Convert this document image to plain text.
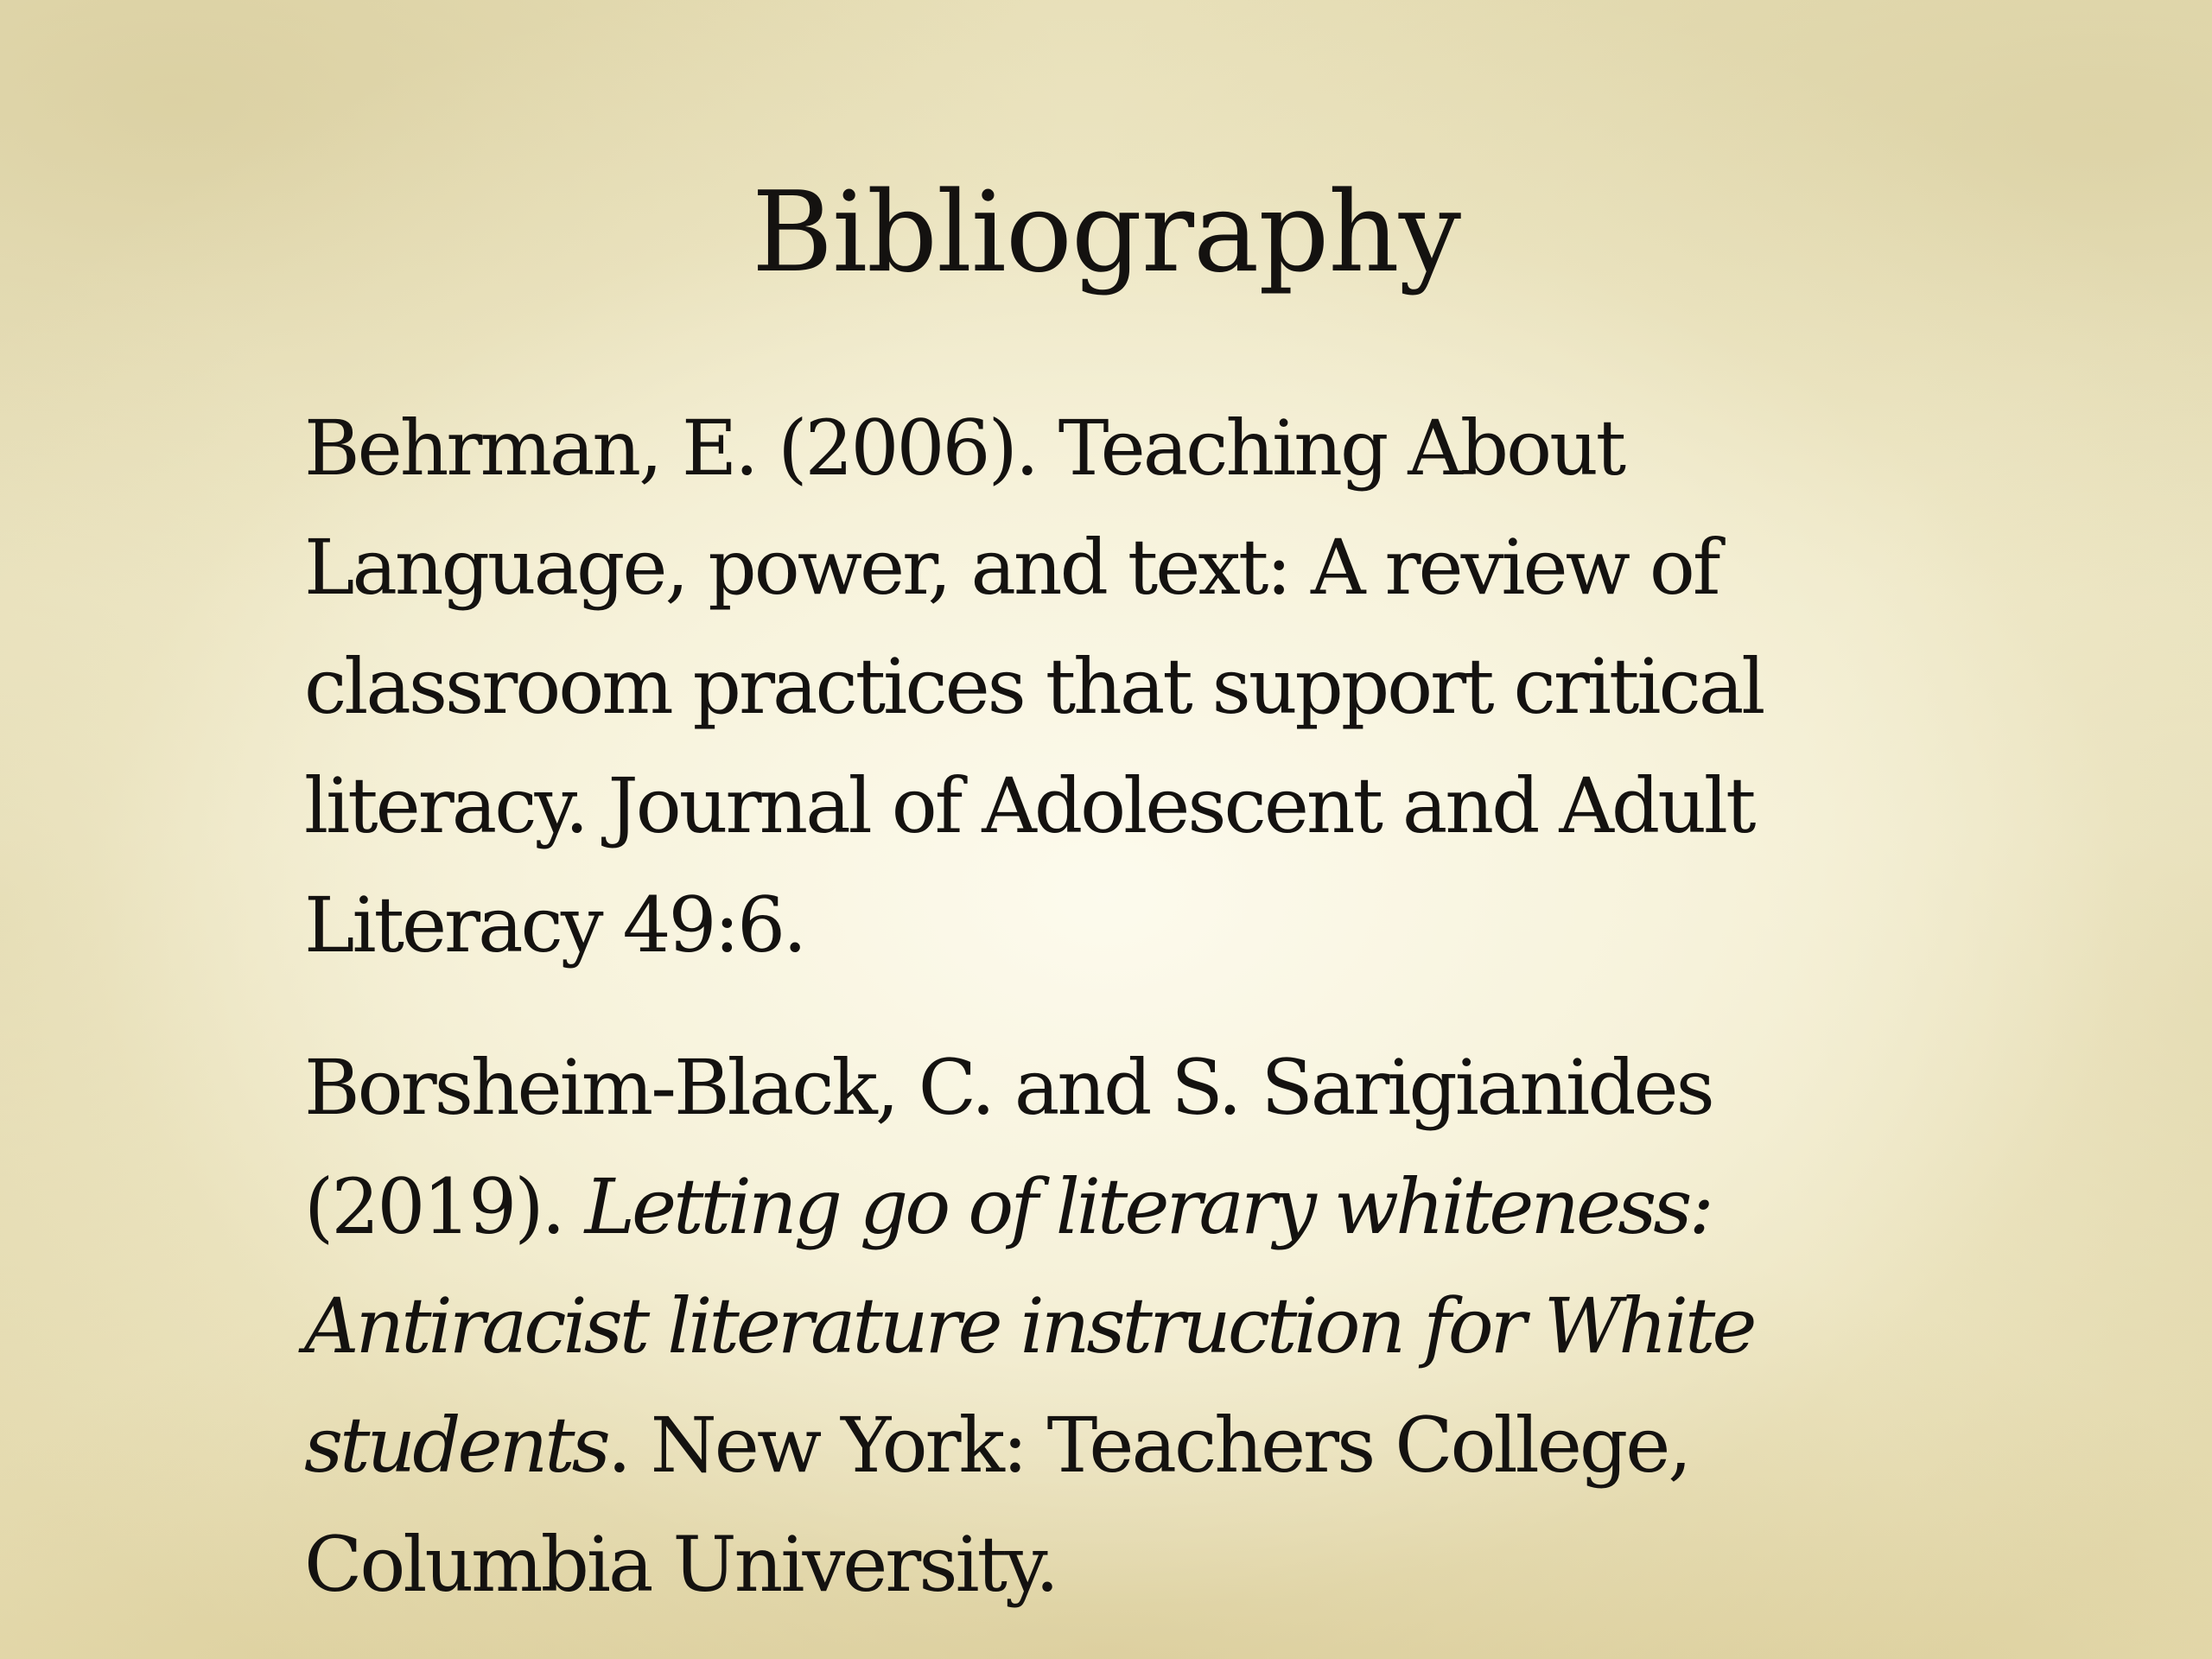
Bibliography

Behrman, E. (2006). Teaching About
Language, power, and text: A review of
classroom practices that support critical
literacy. Journal of Adolescent and Adult
Literacy 49:6.

Borsheim-Black, C. and S. Sarigianides
(2019). Letting go of literary whiteness:
Antiracist literature instruction for White
students. New York: Teachers College,
Columbia University.
